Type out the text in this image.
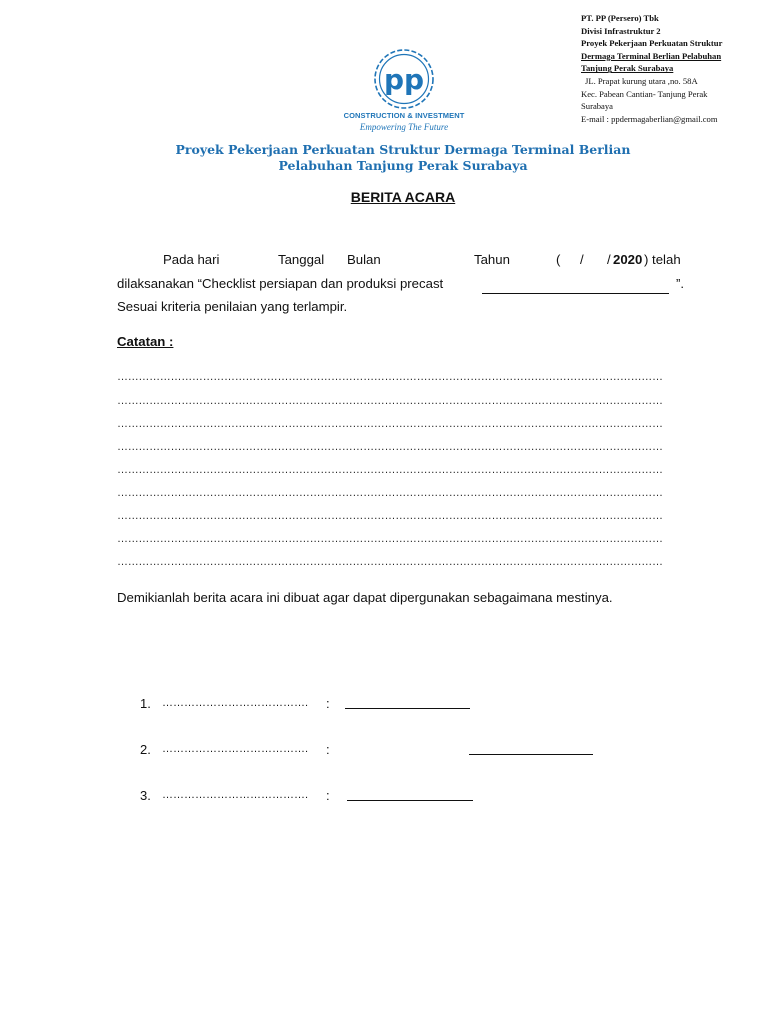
pp
CONSTRUCTION & INVESTMENT
Empowering The Future
PT. PP (Persero) Tbk
Divisi Infrastruktur 2
Proyek Pekerjaan Perkuatan Struktur
Dermaga Terminal Berlian Pelabuhan
Tanjung Perak Surabaya
JL. Prapat kurung utara ,no. 58A
Kec. Pabean Cantian- Tanjung Perak
Surabaya
E-mail : ppdermagaberlian@gmail.com
Proyek Pekerjaan Perkuatan Struktur Dermaga Terminal Berlian
Pelabuhan Tanjung Perak Surabaya
BERITA ACARA
Pada hari	Tanggal Bulan	Tahun	( / / 2020 ) telah
dilaksanakan “Checklist persiapan dan produksi precast	”.
Sesuai kriteria penilaian yang terlampir.
Catatan :
………………………………………………………………………………………………………………………………………
………………………………………………………………………………………………………………………………………
………………………………………………………………………………………………………………………………………
………………………………………………………………………………………………………………………………………
………………………………………………………………………………………………………………………………………
………………………………………………………………………………………………………………………………………
………………………………………………………………………………………………………………………………………
………………………………………………………………………………………………………………………………………
………………………………………………………………………………………………………………………………………
Demikianlah berita acara ini dibuat agar dapat dipergunakan sebagaimana mestinya.
1. …………………………………. :
2. …………………………………. :
3. …………………………………. :
